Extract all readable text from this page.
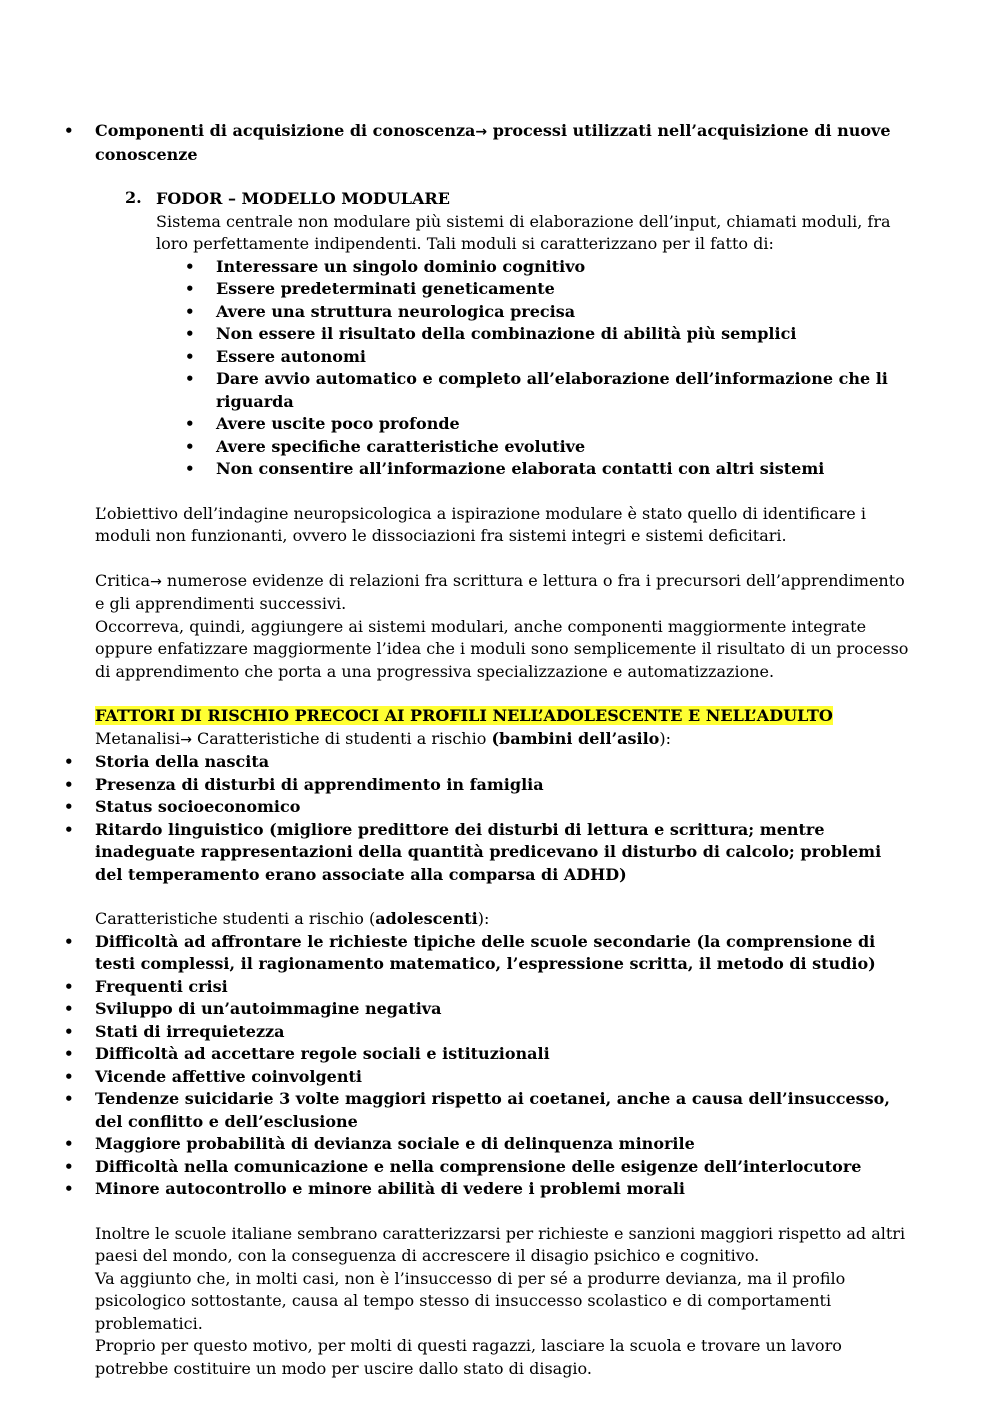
• Componenti di acquisizione di conoscenza→ processi utilizzati nell’acquisizione di nuove conoscenze
2. FODOR – MODELLO MODULARE

Sistema centrale non modulare più sistemi di elaborazione dell’input, chiamati moduli, fra loro perfettamente indipendenti. Tali moduli si caratterizzano per il fatto di:

• Interessare un singolo dominio cognitivo
• Essere predeterminati geneticamente
• Avere una struttura neurologica precisa
• Non essere il risultato della combinazione di abilità più semplici
• Essere autonomi
• Dare avvio automatico e completo all’elaborazione dell’informazione che li riguarda
• Avere uscite poco profonde
• Avere specifiche caratteristiche evolutive
• Non consentire all’informazione elaborata contatti con altri sistemi

L’obiettivo dell’indagine neuropsicologica a ispirazione modulare è stato quello di identificare i moduli non funzionanti, ovvero le dissociazioni fra sistemi integri e sistemi deficitari.

Critica→ numerose evidenze di relazioni fra scrittura e lettura o fra i precursori dell’apprendimento e gli apprendimenti successivi.

Occorreva, quindi, aggiungere ai sistemi modulari, anche componenti maggiormente integrate oppure enfatizzare maggiormente l’idea che i moduli sono semplicemente il risultato di un processo di apprendimento che porta a una progressiva specializzazione e automatizzazione.

FATTORI DI RISCHIO PRECOCI AI PROFILI NELL’ADOLESCENTE E NELL’ADULTO

Metanalisi→ Caratteristiche di studenti a rischio (bambini dell’asilo):

• Storia della nascita
• Presenza di disturbi di apprendimento in famiglia
• Status socioeconomico
• Ritardo linguistico (migliore predittore dei disturbi di lettura e scrittura; mentre inadeguate rappresentazioni della quantità predicevano il disturbo di calcolo; problemi del temperamento erano associate alla comparsa di ADHD)

Caratteristiche studenti a rischio (adolescenti):

• Difficoltà ad affrontare le richieste tipiche delle scuole secondarie (la comprensione di testi complessi, il ragionamento matematico, l’espressione scritta, il metodo di studio)
• Frequenti crisi
• Sviluppo di un’autoimmagine negativa
• Stati di irrequietezza
• Difficoltà ad accettare regole sociali e istituzionali
• Vicende affettive coinvolgenti
• Tendenze suicidarie 3 volte maggiori rispetto ai coetanei, anche a causa dell’insuccesso, del conflitto e dell’esclusione
• Maggiore probabilità di devianza sociale e di delinquenza minorile
• Difficoltà nella comunicazione e nella comprensione delle esigenze dell’interlocutore
• Minore autocontrollo e minore abilità di vedere i problemi morali

Inoltre le scuole italiane sembrano caratterizzarsi per richieste e sanzioni maggiori rispetto ad altri paesi del mondo, con la conseguenza di accrescere il disagio psichico e cognitivo.

Va aggiunto che, in molti casi, non è l’insuccesso di per sé a produrre devianza, ma il profilo psicologico sottostante, causa al tempo stesso di insuccesso scolastico e di comportamenti problematici.

Proprio per questo motivo, per molti di questi ragazzi, lasciare la scuola e trovare un lavoro potrebbe costituire un modo per uscire dallo stato di disagio.
